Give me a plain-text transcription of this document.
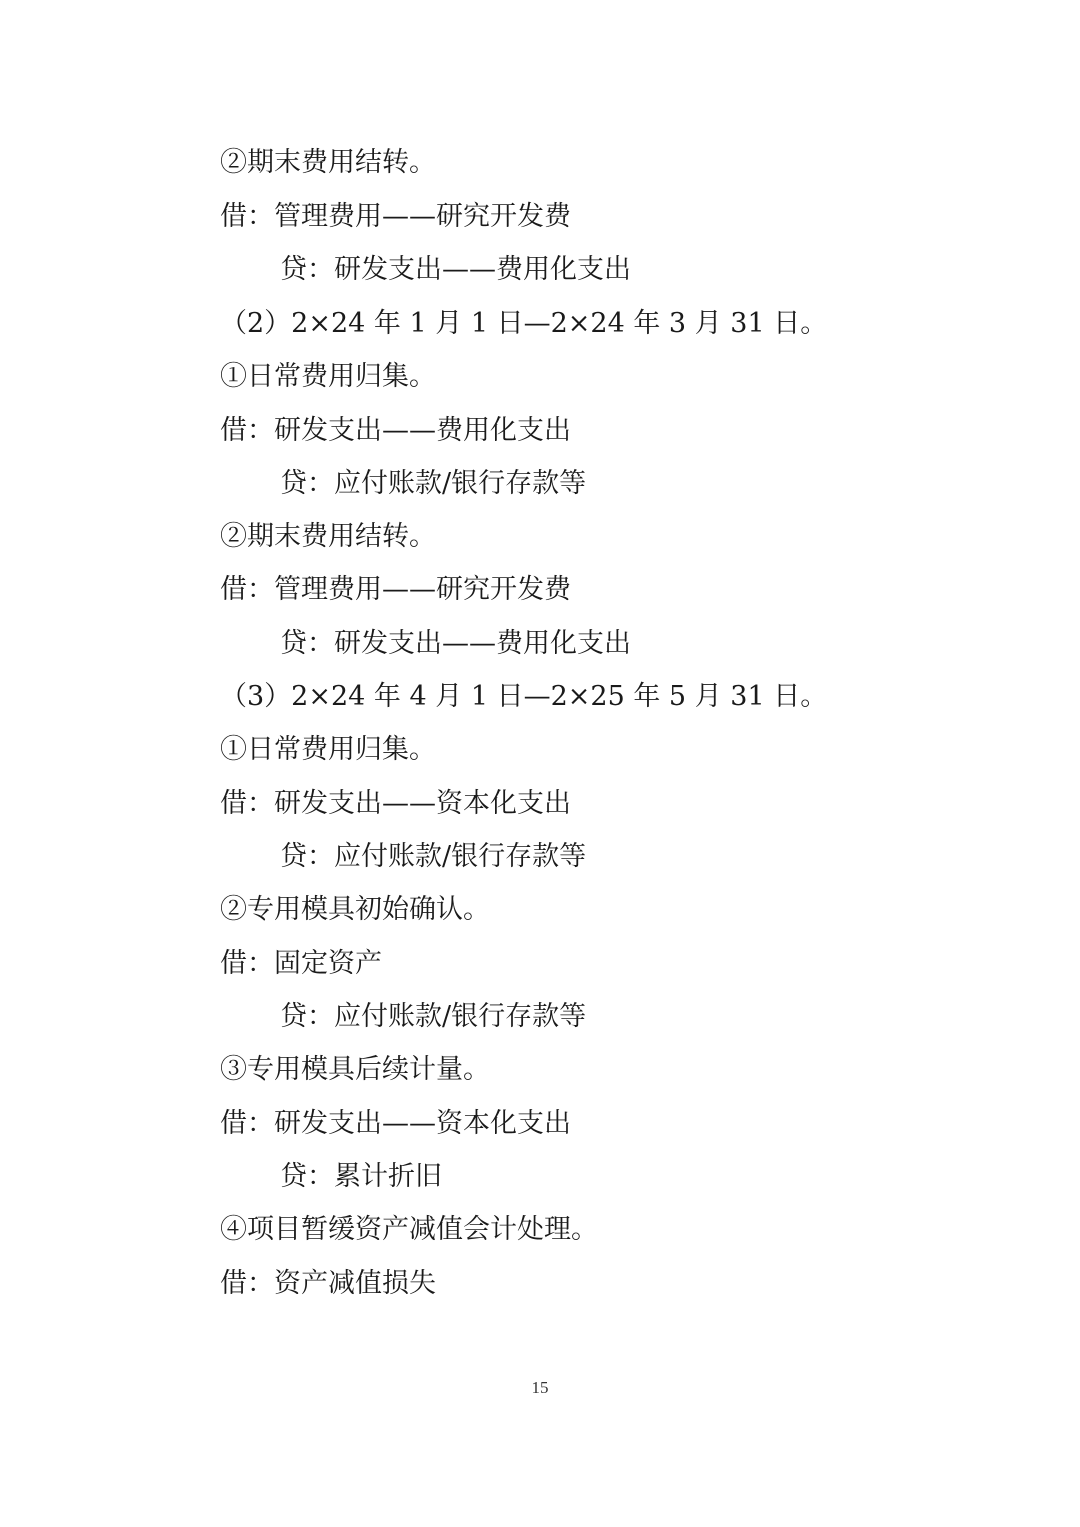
②期末费用结转。
借：管理费用——研究开发费
贷：研发支出——费用化支出
（2）2×24 年 1 月 1 日—2×24 年 3 月 31 日。
①日常费用归集。
借：研发支出——费用化支出
贷：应付账款/银行存款等
②期末费用结转。
借：管理费用——研究开发费
贷：研发支出——费用化支出
（3）2×24 年 4 月 1 日—2×25 年 5 月 31 日。
①日常费用归集。
借：研发支出——资本化支出
贷：应付账款/银行存款等
②专用模具初始确认。
借：固定资产
贷：应付账款/银行存款等
③专用模具后续计量。
借：研发支出——资本化支出
贷：累计折旧
④项目暂缓资产减值会计处理。
借：资产减值损失
15
